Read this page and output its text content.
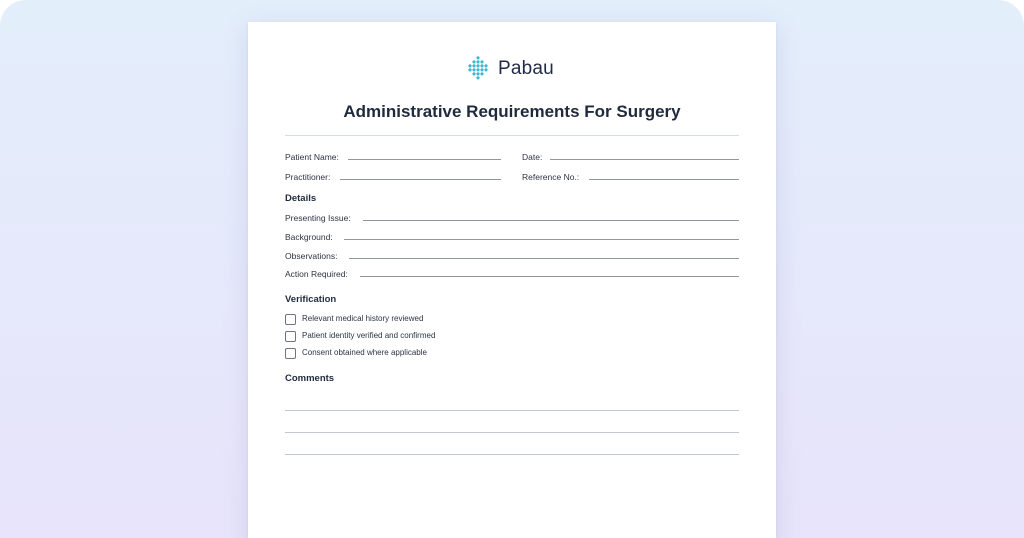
Pabau
Administrative Requirements For Surgery
Patient Name:	Date:
Practitioner:	Reference No.:
Details
Presenting Issue:
Background:
Observations:
Action Required:
Verification
Relevant medical history reviewed
Patient identity verified and confirmed
Consent obtained where applicable
Comments
